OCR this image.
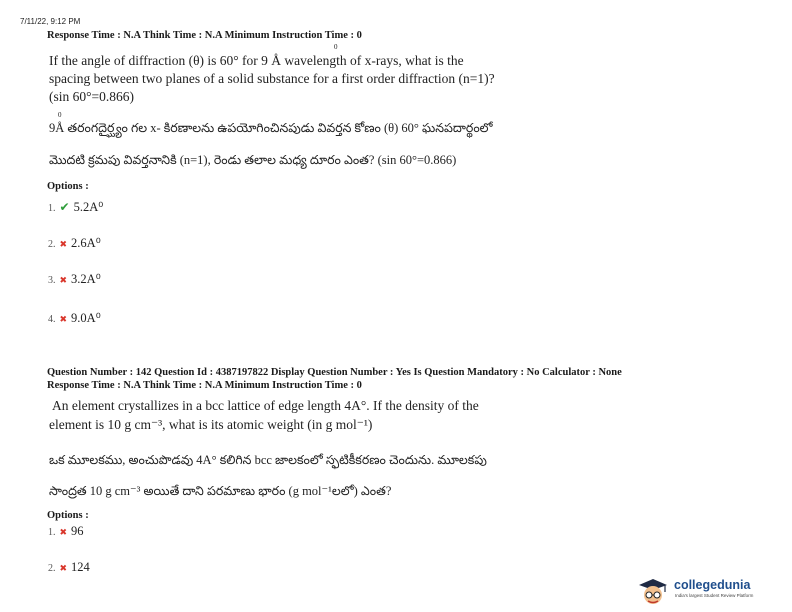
7/11/22, 9:12 PM
Response Time : N.A Think Time : N.A Minimum Instruction Time : 0
0
If the angle of diffraction (θ) is 60° for 9 Å wavelength of x-rays, what is the
spacing between two planes of a solid substance for a first order diffraction (n=1)?
(sin 60°=0.866)
0
9Å తరంగదైర్ఘ్యం గల x- కిరణాలను ఉపయోగించినపుడు వివర్తన కోణం (θ) 60° ఘనపదార్థంలో
మొదటి క్రమపు వివర్తనానికి (n=1), రెండు తలాల మధ్య దూరం ఎంత? (sin 60°=0.866)
Options :
1. ✔ 5.2A⁰
2. ✖ 2.6A⁰
3. ✖ 3.2A⁰
4. ✖ 9.0A⁰
Question Number : 142 Question Id : 4387197822 Display Question Number : Yes Is Question Mandatory : No Calculator : None
Response Time : N.A Think Time : N.A Minimum Instruction Time : 0
An element crystallizes in a bcc lattice of edge length 4A°. If the density of the
element is 10 g cm⁻³, what is its atomic weight (in g mol⁻¹)
ఒక మూలకము, అంచుపొడవు 4A° కలిగిన bcc జాలకంలో స్ఫటికీకరణం చెందును. మూలకపు
సాంద్రత 10 g cm⁻³ అయితే దాని పరమాణు భారం (g mol⁻¹లలో) ఎంత?
Options :
1. ✖ 96
2. ✖ 124
collegedunia
India's largest Student Review Platform
